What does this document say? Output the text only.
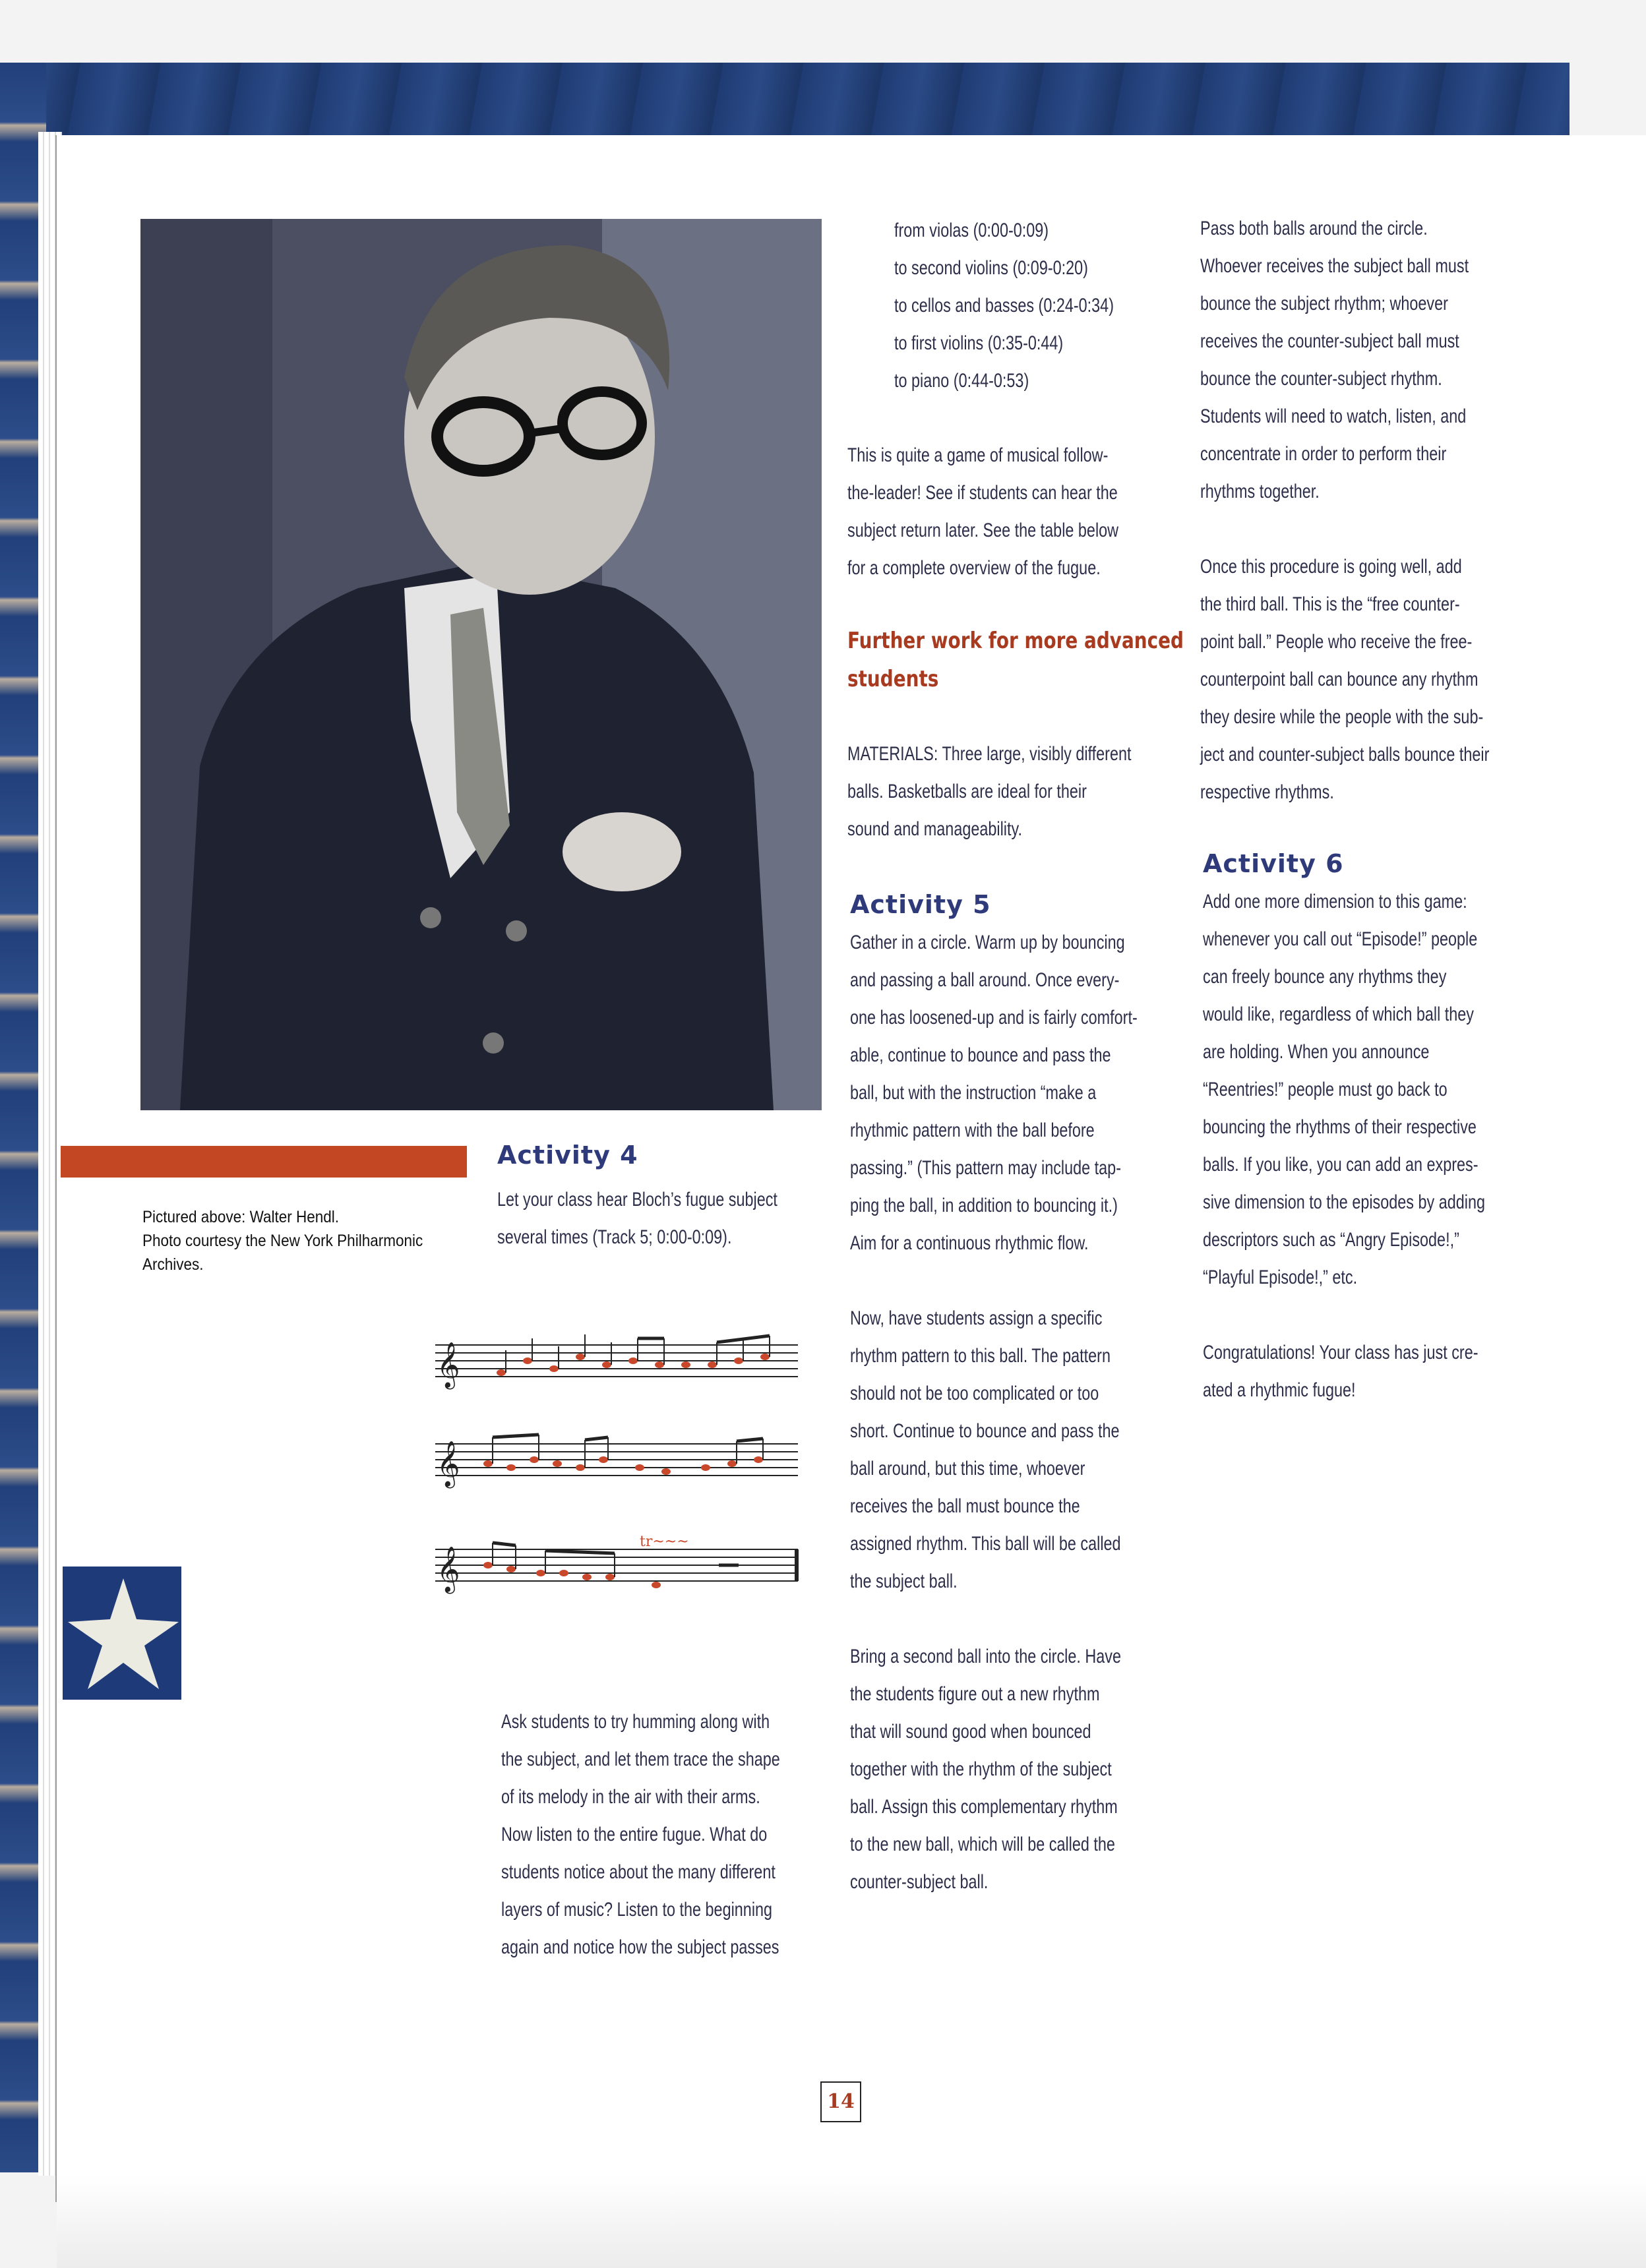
Pictured above: Walter Hendl.
Photo courtesy the New York Philharmonic
Archives.
Activity 4
Let your class hear Bloch’s fugue subject
several times (Track 5; 0:00-0:09).
𝄞
𝄞
𝄞
tr~~~
Ask students to try humming along with
the subject, and let them trace the shape
of its melody in the air with their arms.
Now listen to the entire fugue. What do
students notice about the many different
layers of music? Listen to the beginning
again and notice how the subject passes
from violas (0:00-0:09)
to second violins (0:09-0:20)
to cellos and basses (0:24-0:34)
to first violins (0:35-0:44)
to piano (0:44-0:53)
This is quite a game of musical follow-
the-leader! See if students can hear the
subject return later. See the table below
for a complete overview of the fugue.
Further work for more advanced
students
MATERIALS: Three large, visibly different
balls. Basketballs are ideal for their
sound and manageability.
Activity 5

Gather in a circle. Warm up by bouncing
and passing a ball around. Once every-
one has loosened-up and is fairly comfort-
able, continue to bounce and pass the
ball, but with the instruction “make a
rhythmic pattern with the ball before
passing.” (This pattern may include tap-
ping the ball, in addition to bouncing it.)
Aim for a continuous rhythmic flow.

Now, have students assign a specific
rhythm pattern to this ball. The pattern
should not be too complicated or too
short. Continue to bounce and pass the
ball around, but this time, whoever
receives the ball must bounce the
assigned rhythm. This ball will be called
the subject ball.

Bring a second ball into the circle. Have
the students figure out a new rhythm
that will sound good when bounced
together with the rhythm of the subject
ball. Assign this complementary rhythm
to the new ball, which will be called the
counter-subject ball.

Pass both balls around the circle.
Whoever receives the subject ball must
bounce the subject rhythm; whoever
receives the counter-subject ball must
bounce the counter-subject rhythm.
Students will need to watch, listen, and
concentrate in order to perform their
rhythms together.

Once this procedure is going well, add
the third ball. This is the “free counter-
point ball.” People who receive the free-
counterpoint ball can bounce any rhythm
they desire while the people with the sub-
ject and counter-subject balls bounce their
respective rhythms.

Activity 6

Add one more dimension to this game:
whenever you call out “Episode!” people
can freely bounce any rhythms they
would like, regardless of which ball they
are holding. When you announce
“Reentries!” people must go back to
bouncing the rhythms of their respective
balls. If you like, you can add an expres-
sive dimension to the episodes by adding
descriptors such as “Angry Episode!,”
“Playful Episode!,” etc.

Congratulations! Your class has just cre-
ated a rhythmic fugue!

14
